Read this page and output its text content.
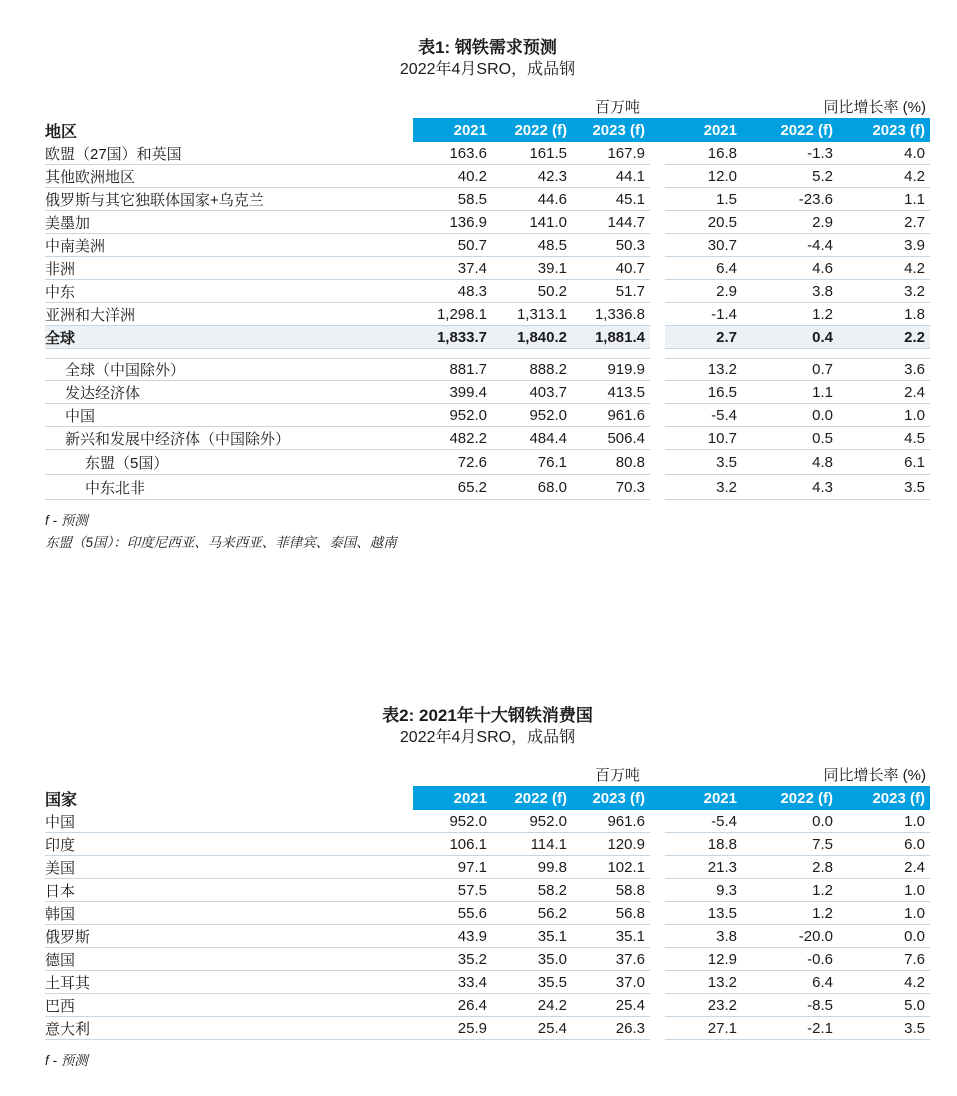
表1: 钢铁需求预测
2022年4月SRO，成品钢
百万吨	同比增长率 (%)
地区	2021	2022 (f)	2023 (f)	2021	2022 (f)	2023 (f)
欧盟（27国）和英国	163.6	161.5	167.9	16.8	-1.3	4.0
其他欧洲地区	40.2	42.3	44.1	12.0	5.2	4.2
俄罗斯与其它独联体国家+乌克兰	58.5	44.6	45.1	1.5	-23.6	1.1
美墨加	136.9	141.0	144.7	20.5	2.9	2.7
中南美洲	50.7	48.5	50.3	30.7	-4.4	3.9
非洲	37.4	39.1	40.7	6.4	4.6	4.2
中东	48.3	50.2	51.7	2.9	3.8	3.2
亚洲和大洋洲	1,298.1	1,313.1	1,336.8	-1.4	1.2	1.8
全球	1,833.7	1,840.2	1,881.4	2.7	0.4	2.2
全球（中国除外）	881.7	888.2	919.9	13.2	0.7	3.6
发达经济体	399.4	403.7	413.5	16.5	1.1	2.4
中国	952.0	952.0	961.6	-5.4	0.0	1.0
新兴和发展中经济体（中国除外）	482.2	484.4	506.4	10.7	0.5	4.5
东盟（5国）	72.6	76.1	80.8	3.5	4.8	6.1
中东北非	65.2	68.0	70.3	3.2	4.3	3.5
f - 预测
东盟（5国）：印度尼西亚、马来西亚、菲律宾、泰国、越南
表2: 2021年十大钢铁消费国
2022年4月SRO，成品钢
百万吨	同比增长率 (%)
国家	2021	2022 (f)	2023 (f)	2021	2022 (f)	2023 (f)
中国	952.0	952.0	961.6	-5.4	0.0	1.0
印度	106.1	114.1	120.9	18.8	7.5	6.0
美国	97.1	99.8	102.1	21.3	2.8	2.4
日本	57.5	58.2	58.8	9.3	1.2	1.0
韩国	55.6	56.2	56.8	13.5	1.2	1.0
俄罗斯	43.9	35.1	35.1	3.8	-20.0	0.0
德国	35.2	35.0	37.6	12.9	-0.6	7.6
土耳其	33.4	35.5	37.0	13.2	6.4	4.2
巴西	26.4	24.2	25.4	23.2	-8.5	5.0
意大利	25.9	25.4	26.3	27.1	-2.1	3.5
f - 预测
